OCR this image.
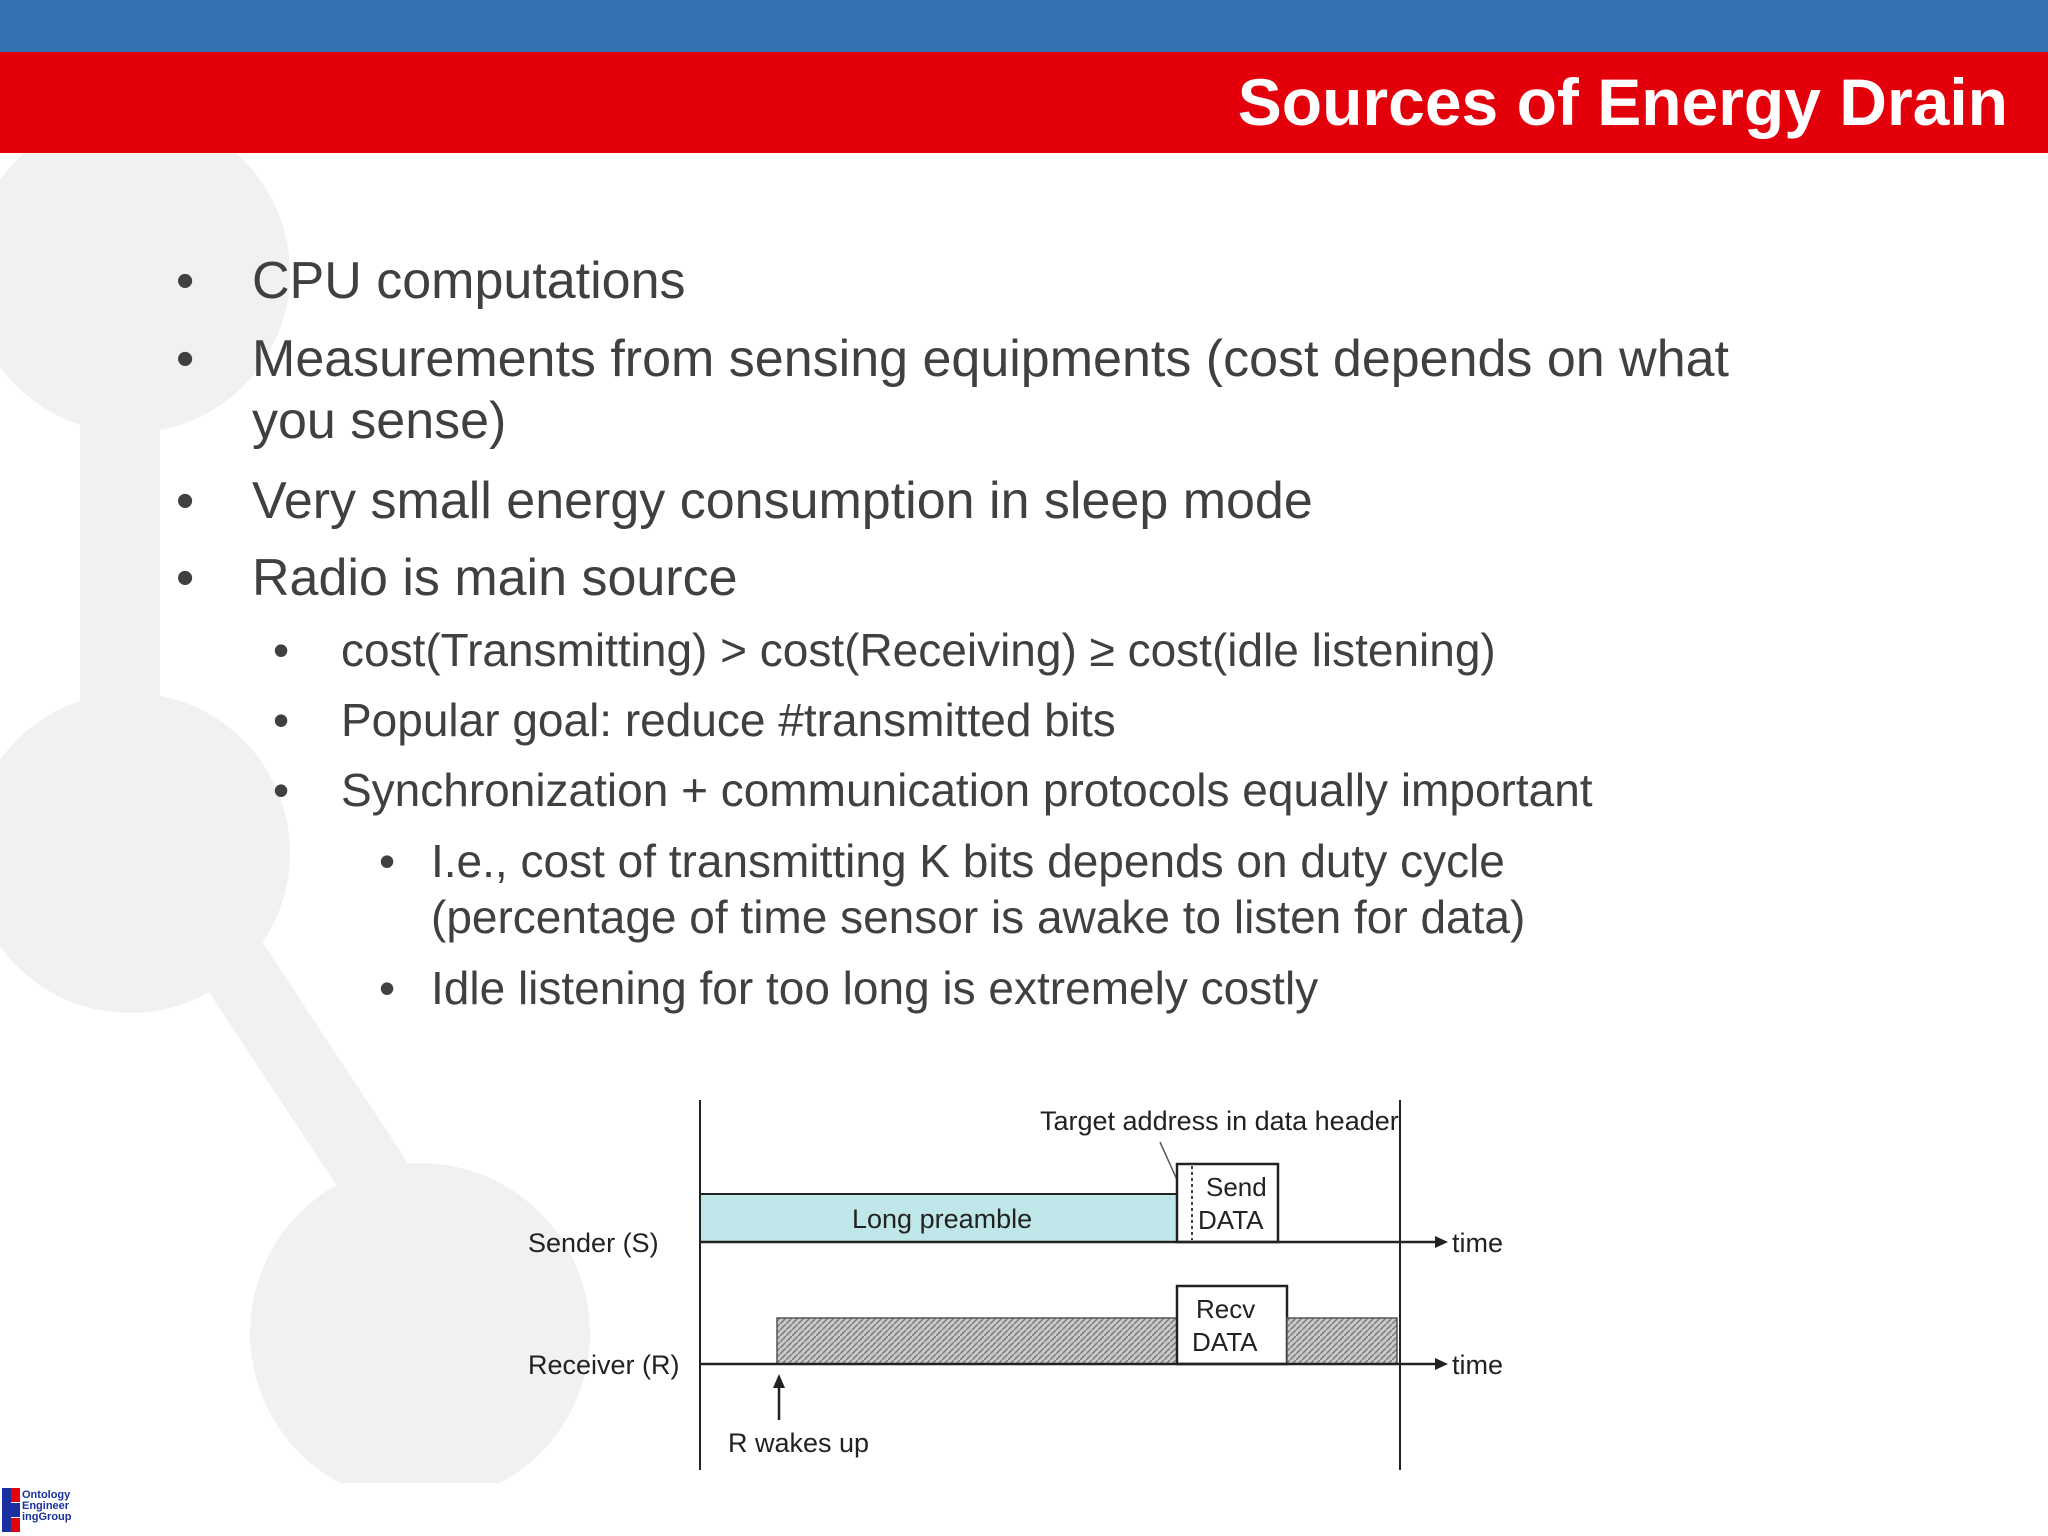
Sources of Energy Drain
• CPU computations
• Measurements from sensing equipments (cost depends on what
you sense)
• Very small energy consumption in sleep mode
• Radio is main source
• cost(Transmitting) > cost(Receiving) ≥ cost(idle listening)
• Popular goal: reduce #transmitted bits
• Synchronization + communication protocols equally important
• I.e., cost of transmitting K bits depends on duty cycle
(percentage of time sensor is awake to listen for data)
• Idle listening for too long is extremely costly
Target address in data header
Long preamble
Send
DATA
Sender (S)	time
Recv
DATA
Receiver (R)	time
R wakes up
Ontology
Engineer
ingGroup
